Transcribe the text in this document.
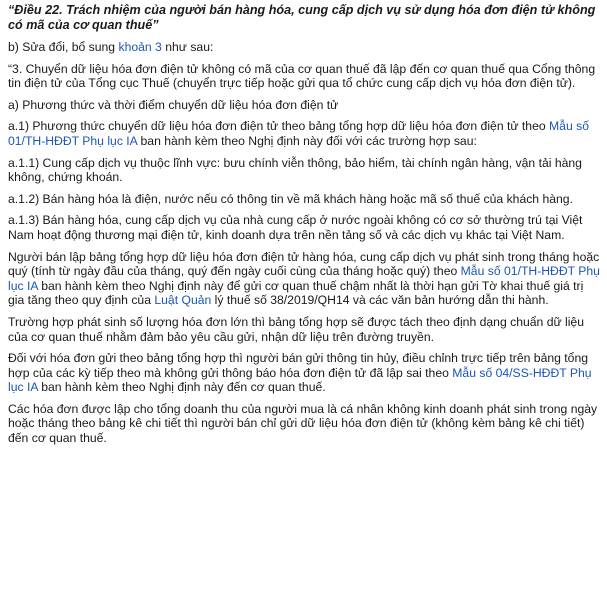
“Điều 22. Trách nhiệm của người bán hàng hóa, cung cấp dịch vụ sử dụng hóa đơn điện tử không có mã của cơ quan thuế”

b) Sửa đổi, bổ sung khoản 3 như sau:

“3. Chuyển dữ liệu hóa đơn điện tử không có mã của cơ quan thuế đã lập đến cơ quan thuế qua Cổng thông tin điện tử của Tổng cục Thuế (chuyển trực tiếp hoặc gửi qua tổ chức cung cấp dịch vụ hóa đơn điện tử).

a) Phương thức và thời điểm chuyển dữ liệu hóa đơn điện tử

a.1) Phương thức chuyển dữ liệu hóa đơn điện tử theo bảng tổng hợp dữ liệu hóa đơn điện tử theo Mẫu số 01/TH-HĐĐT Phụ lục IA ban hành kèm theo Nghị định này đối với các trường hợp sau:

a.1.1) Cung cấp dịch vụ thuộc lĩnh vực: bưu chính viễn thông, bảo hiểm, tài chính ngân hàng, vận tải hàng không, chứng khoán.

a.1.2) Bán hàng hóa là điện, nước nếu có thông tin về mã khách hàng hoặc mã số thuế của khách hàng.

a.1.3) Bán hàng hóa, cung cấp dịch vụ của nhà cung cấp ở nước ngoài không có cơ sở thường trú tại Việt Nam hoạt động thương mại điện tử, kinh doanh dựa trên nền tảng số và các dịch vụ khác tại Việt Nam.

Người bán lập bảng tổng hợp dữ liệu hóa đơn điện tử hàng hóa, cung cấp dịch vụ phát sinh trong tháng hoặc quý (tính từ ngày đầu của tháng, quý đến ngày cuối cùng của tháng hoặc quý) theo Mẫu số 01/TH-HĐĐT Phụ lục IA ban hành kèm theo Nghị định này để gửi cơ quan thuế chậm nhất là thời hạn gửi Tờ khai thuế giá trị gia tăng theo quy định của Luật Quản lý thuế số 38/2019/QH14 và các văn bản hướng dẫn thi hành.

Trường hợp phát sinh số lượng hóa đơn lớn thì bảng tổng hợp sẽ được tách theo định dạng chuẩn dữ liệu của cơ quan thuế nhằm đảm bảo yêu cầu gửi, nhận dữ liệu trên đường truyền.

Đối với hóa đơn gửi theo bảng tổng hợp thì người bán gửi thông tin hủy, điều chỉnh trực tiếp trên bảng tổng hợp của các kỳ tiếp theo mà không gửi thông báo hóa đơn điện tử đã lập sai theo Mẫu số 04/SS-HĐĐT Phụ lục IA ban hành kèm theo Nghị định này đến cơ quan thuế.

Các hóa đơn được lập cho tổng doanh thu của người mua là cá nhân không kinh doanh phát sinh trong ngày hoặc tháng theo bảng kê chi tiết thì người bán chỉ gửi dữ liệu hóa đơn điện tử (không kèm bảng kê chi tiết) đến cơ quan thuế.
